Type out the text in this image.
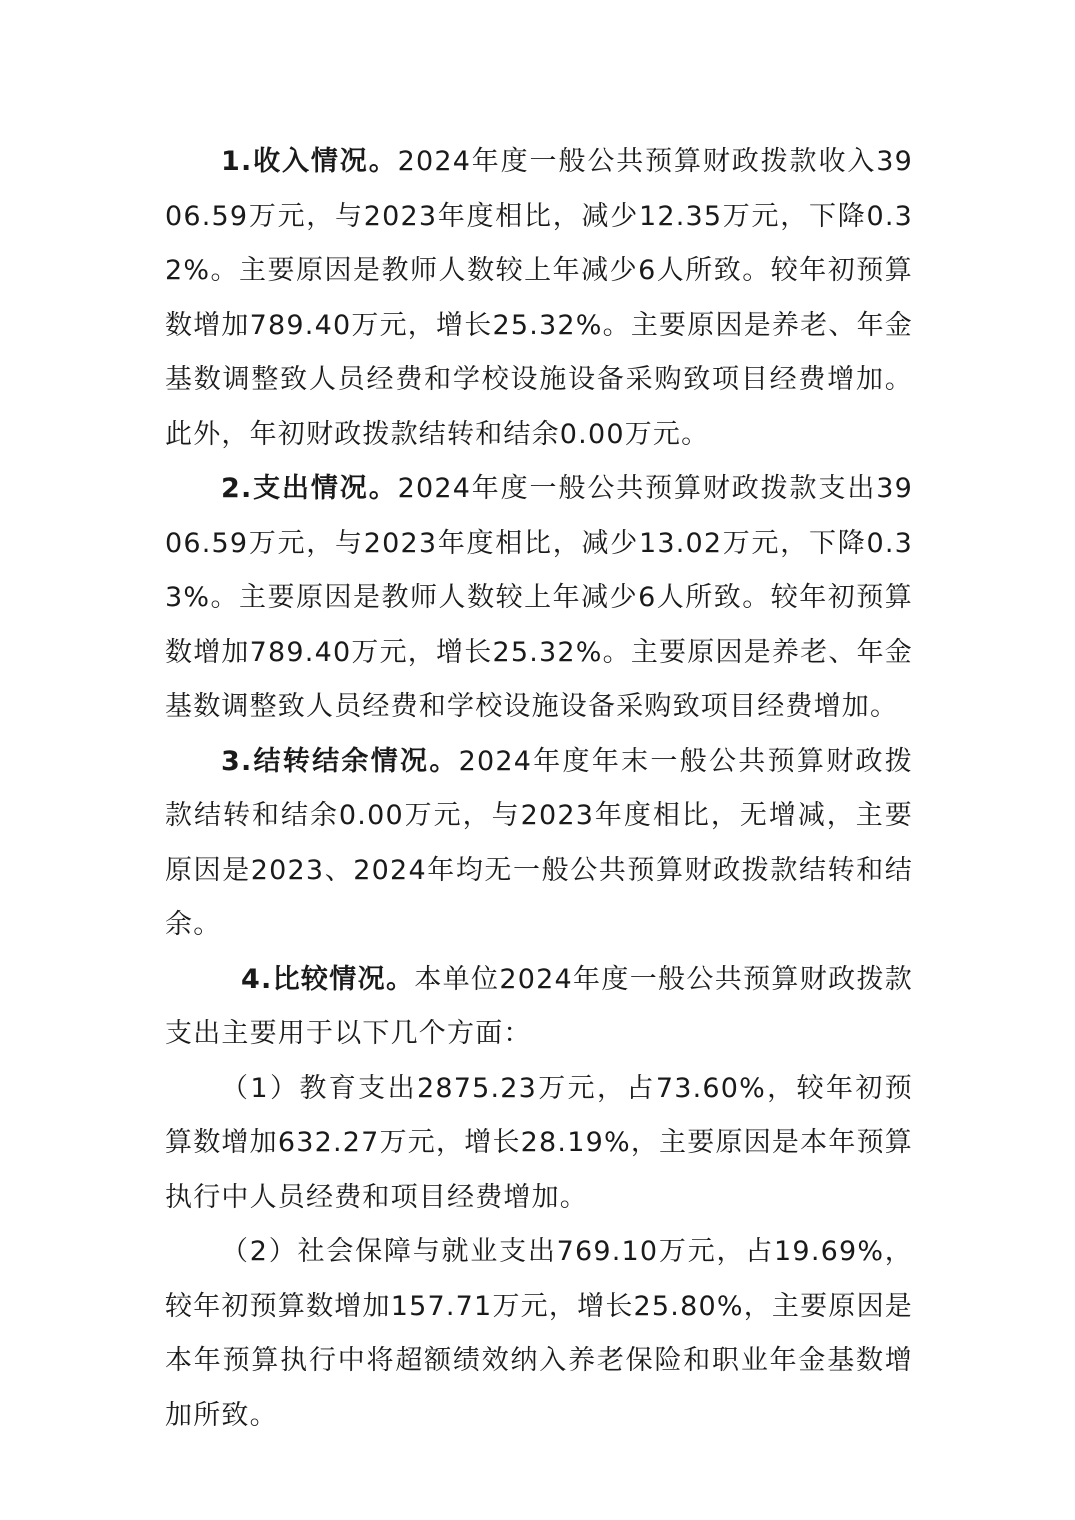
1.收入情况。2024年度一般公共预算财政拨款收入3906.59万元，与2023年度相比，减少12.35万元，下降0.32%。主要原因是教师人数较上年减少6人所致。较年初预算数增加789.40万元，增长25.32%。主要原因是养老、年金基数调整致人员经费和学校设施设备采购致项目经费增加。此外，年初财政拨款结转和结余0.00万元。

2.支出情况。2024年度一般公共预算财政拨款支出3906.59万元，与2023年度相比，减少13.02万元，下降0.33%。主要原因是教师人数较上年减少6人所致。较年初预算数增加789.40万元，增长25.32%。主要原因是养老、年金基数调整致人员经费和学校设施设备采购致项目经费增加。

3.结转结余情况。2024年度年末一般公共预算财政拨款结转和结余0.00万元，与2023年度相比，无增减，主要原因是2023、2024年均无一般公共预算财政拨款结转和结余。

4.比较情况。本单位2024年度一般公共预算财政拨款支出主要用于以下几个方面：

（1）教育支出2875.23万元，占73.60%，较年初预算数增加632.27万元，增长28.19%，主要原因是本年预算执行中人员经费和项目经费增加。

（2）社会保障与就业支出769.10万元，占19.69%，较年初预算数增加157.71万元，增长25.80%，主要原因是本年预算执行中将超额绩效纳入养老保险和职业年金基数增加所致。
